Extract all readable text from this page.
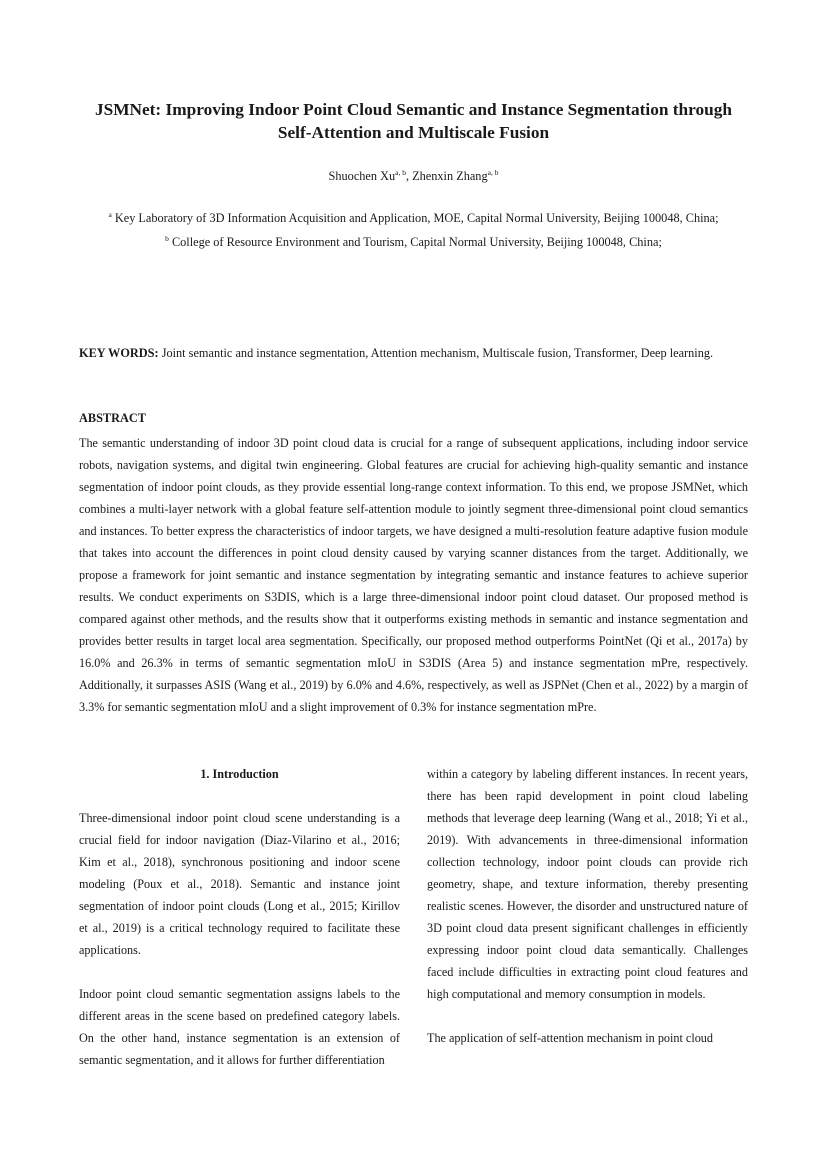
JSMNet: Improving Indoor Point Cloud Semantic and Instance Segmentation through
Self-Attention and Multiscale Fusion
Shuochen Xu$^{a, b}$, Zhenxin Zhang$^{a, b}$
$^a$ Key Laboratory of 3D Information Acquisition and Application, MOE, Capital Normal University, Beijing 100048, China;
$^b$ College of Resource Environment and Tourism, Capital Normal University, Beijing 100048, China;
KEY WORDS: Joint semantic and instance segmentation, Attention mechanism, Multiscale fusion, Transformer, Deep learning.
ABSTRACT

The semantic understanding of indoor 3D point cloud data is crucial for a range of subsequent applications, including indoor service robots, navigation systems, and digital twin engineering. Global features are crucial for achieving high-quality semantic and instance segmentation of indoor point clouds, as they provide essential long-range context information. To this end, we propose JSMNet, which combines a multi-layer network with a global feature self-attention module to jointly segment three-dimensional point cloud semantics and instances. To better express the characteristics of indoor targets, we have designed a multi-resolution feature adaptive fusion module that takes into account the differences in point cloud density caused by varying scanner distances from the target. Additionally, we propose a framework for joint semantic and instance segmentation by integrating semantic and instance features to achieve superior results. We conduct experiments on S3DIS, which is a large three-dimensional indoor point cloud dataset. Our proposed method is compared against other methods, and the results show that it outperforms existing methods in semantic and instance segmentation and provides better results in target local area segmentation. Specifically, our proposed method outperforms PointNet (Qi et al., 2017a) by 16.0% and 26.3% in terms of semantic segmentation mIoU in S3DIS (Area 5) and instance segmentation mPre, respectively. Additionally, it surpasses ASIS (Wang et al., 2019) by 6.0% and 4.6%, respectively, as well as JSPNet (Chen et al., 2022) by a margin of 3.3% for semantic segmentation mIoU and a slight improvement of 0.3% for instance segmentation mPre.

1. Introduction

Three-dimensional indoor point cloud scene understanding is a crucial field for indoor navigation (Diaz-Vilarino et al., 2016; Kim et al., 2018), synchronous positioning and indoor scene modeling (Poux et al., 2018). Semantic and instance joint segmentation of indoor point clouds (Long et al., 2015; Kirillov et al., 2019) is a critical technology required to facilitate these applications.

Indoor point cloud semantic segmentation assigns labels to the different areas in the scene based on predefined category labels. On the other hand, instance segmentation is an extension of semantic segmentation, and it allows for further differentiation

within a category by labeling different instances. In recent years, there has been rapid development in point cloud labeling methods that leverage deep learning (Wang et al., 2018; Yi et al., 2019). With advancements in three-dimensional information collection technology, indoor point clouds can provide rich geometry, shape, and texture information, thereby presenting realistic scenes. However, the disorder and unstructured nature of 3D point cloud data present significant challenges in efficiently expressing indoor point cloud data semantically. Challenges faced include difficulties in extracting point cloud features and high computational and memory consumption in models.

The application of self-attention mechanism in point cloud
